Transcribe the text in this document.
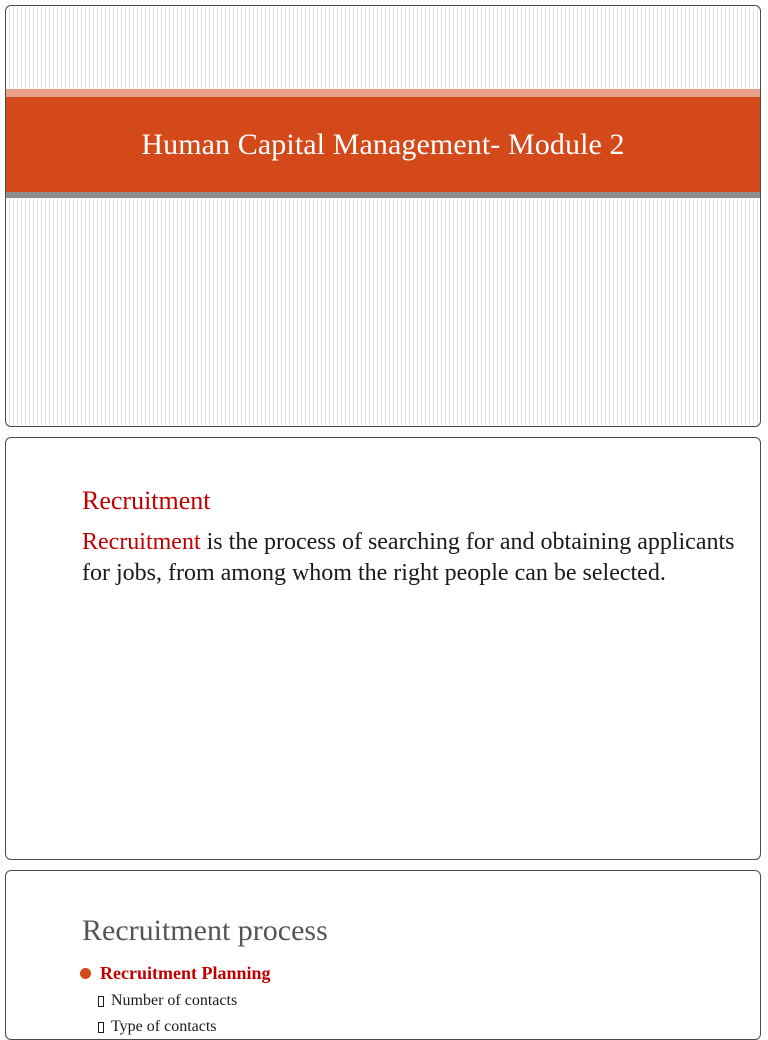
Human Capital Management- Module 2
Recruitment
Recruitment is the process of searching for and obtaining applicants for jobs, from among whom the right people can be selected.
Recruitment process
Recruitment Planning
Number of contacts
Type of contacts
